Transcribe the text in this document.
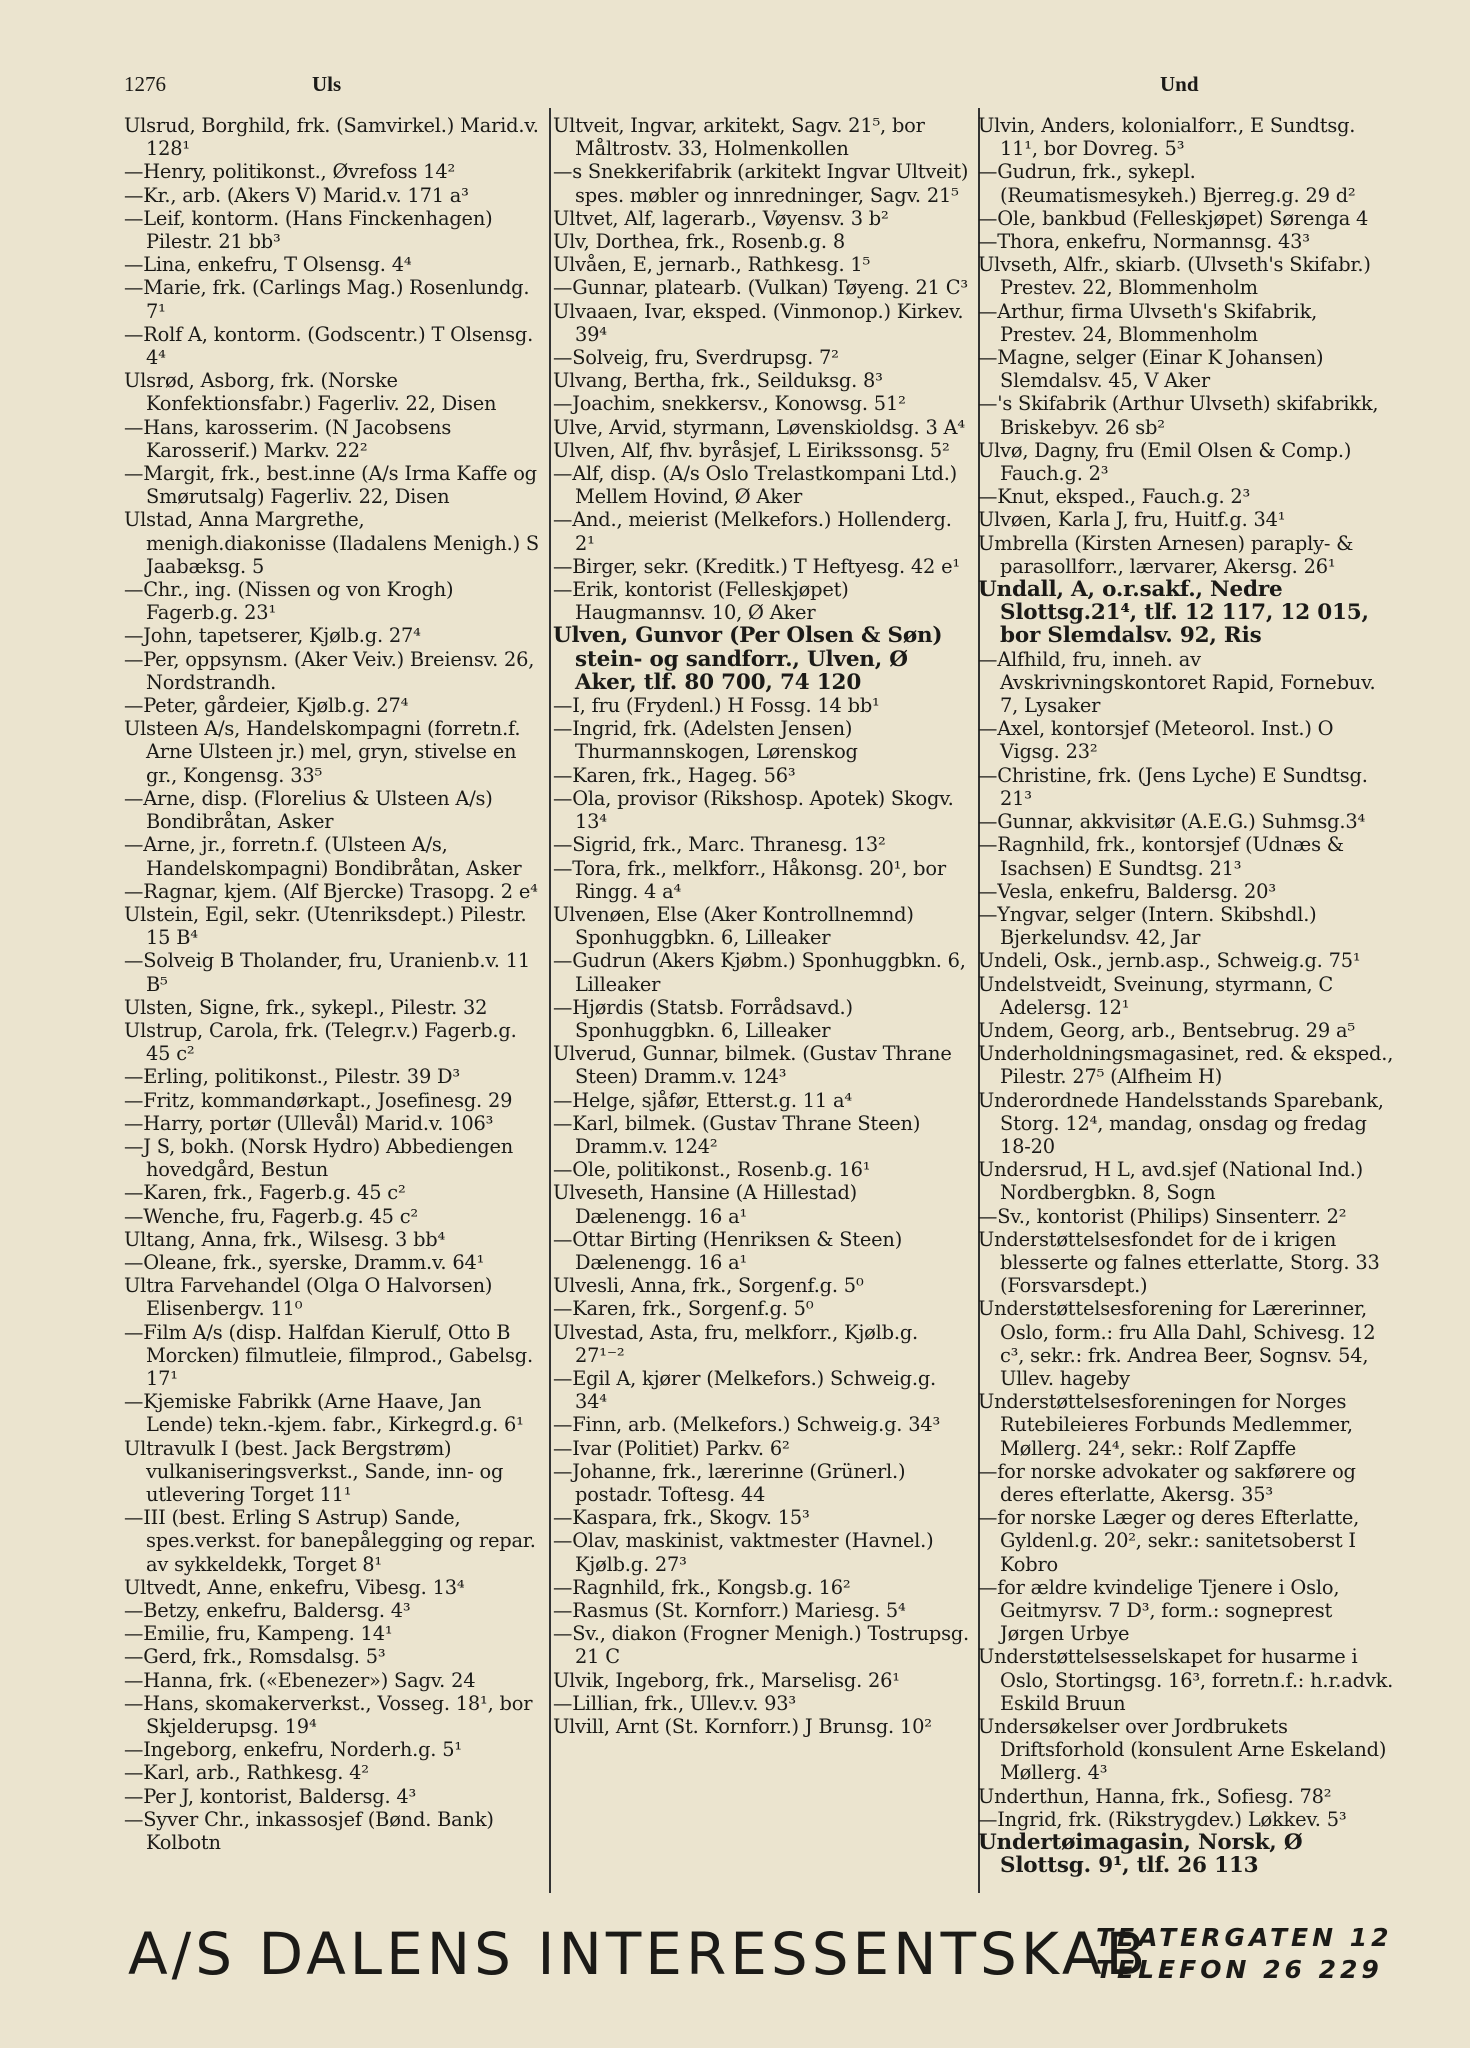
1276	Uls	Und

Ulsrud, Borghild, frk. (Samvirkel.) Marid.v. 128¹

—Henry, politikonst., Øvrefoss 14²

—Kr., arb. (Akers V) Marid.v. 171 a³

—Leif, kontorm. (Hans Finckenhagen) Pilestr. 21 bb³

—Lina, enkefru, T Olsensg. 4⁴

—Marie, frk. (Carlings Mag.) Rosenlundg. 7¹

—Rolf A, kontorm. (Godscentr.) T Olsensg. 4⁴

Ulsrød, Asborg, frk. (Norske Konfektionsfabr.) Fagerliv. 22, Disen

—Hans, karosserim. (N Jacobsens Karosserif.) Markv. 22²

—Margit, frk., best.inne (A/s Irma Kaffe og Smørutsalg) Fagerliv. 22, Disen

Ulstad, Anna Margrethe, menigh.diakonisse (Iladalens Menigh.) S Jaabæksg. 5

—Chr., ing. (Nissen og von Krogh) Fagerb.g. 23¹

—John, tapetserer, Kjølb.g. 27⁴

—Per, oppsynsm. (Aker Veiv.) Breiensv. 26, Nordstrandh.

—Peter, gårdeier, Kjølb.g. 27⁴

Ulsteen A/s, Handelskompagni (forretn.f. Arne Ulsteen jr.) mel, gryn, stivelse en gr., Kongensg. 33⁵

—Arne, disp. (Florelius & Ulsteen A/s) Bondibråtan, Asker

—Arne, jr., forretn.f. (Ulsteen A/s, Handelskompagni) Bondibråtan, Asker

—Ragnar, kjem. (Alf Bjercke) Trasopg. 2 e⁴

Ulstein, Egil, sekr. (Utenriksdept.) Pilestr. 15 B⁴

—Solveig B Tholander, fru, Uranienb.v. 11 B⁵

Ulsten, Signe, frk., sykepl., Pilestr. 32

Ulstrup, Carola, frk. (Telegr.v.) Fagerb.g. 45 c²

—Erling, politikonst., Pilestr. 39 D³

—Fritz, kommandørkapt., Josefinesg. 29

—Harry, portør (Ullevål) Marid.v. 106³

—J S, bokh. (Norsk Hydro) Abbediengen hovedgård, Bestun

—Karen, frk., Fagerb.g. 45 c²

—Wenche, fru, Fagerb.g. 45 c²

Ultang, Anna, frk., Wilsesg. 3 bb⁴

—Oleane, frk., syerske, Dramm.v. 64¹

Ultra Farvehandel (Olga O Halvorsen) Elisenbergv. 11⁰

—Film A/s (disp. Halfdan Kierulf, Otto B Morcken) filmutleie, filmprod., Gabelsg. 17¹

—Kjemiske Fabrikk (Arne Haave, Jan Lende) tekn.-kjem. fabr., Kirkegrd.g. 6¹

Ultravulk I (best. Jack Bergstrøm) vulkaniseringsverkst., Sande, inn- og utlevering Torget 11¹

—III (best. Erling S Astrup) Sande, spes.verkst. for banepålegging og repar. av sykkeldekk, Torget 8¹

Ultvedt, Anne, enkefru, Vibesg. 13⁴

—Betzy, enkefru, Baldersg. 4³

—Emilie, fru, Kampeng. 14¹

—Gerd, frk., Romsdalsg. 5³

—Hanna, frk. («Ebenezer») Sagv. 24

—Hans, skomakerverkst., Vosseg. 18¹, bor Skjelderupsg. 19⁴

—Ingeborg, enkefru, Norderh.g. 5¹

—Karl, arb., Rathkesg. 4²

—Per J, kontorist, Baldersg. 4³

—Syver Chr., inkassosjef (Bønd. Bank) Kolbotn

Ultveit, Ingvar, arkitekt, Sagv. 21⁵, bor Måltrostv. 33, Holmenkollen

—s Snekkerifabrik (arkitekt Ingvar Ultveit) spes. møbler og innredninger, Sagv. 21⁵

Ultvet, Alf, lagerarb., Vøyensv. 3 b²

Ulv, Dorthea, frk., Rosenb.g. 8

Ulvåen, E, jernarb., Rathkesg. 1⁵

—Gunnar, platearb. (Vulkan) Tøyeng. 21 C³

Ulvaaen, Ivar, eksped. (Vinmonop.) Kirkev. 39⁴

—Solveig, fru, Sverdrupsg. 7²

Ulvang, Bertha, frk., Seilduksg. 8³

—Joachim, snekkersv., Konowsg. 51²

Ulve, Arvid, styrmann, Løvenskioldsg. 3 A⁴

Ulven, Alf, fhv. byråsjef, L Eirikssonsg. 5²

—Alf, disp. (A/s Oslo Trelastkompani Ltd.) Mellem Hovind, Ø Aker

—And., meierist (Melkefors.) Hollenderg. 2¹

—Birger, sekr. (Kreditk.) T Heftyesg. 42 e¹

—Erik, kontorist (Felleskjøpet) Haugmannsv. 10, Ø Aker

Ulven, Gunvor (Per Olsen & Søn) stein- og sandforr., Ulven, Ø Aker, tlf. 80 700, 74 120

—I, fru (Frydenl.) H Fossg. 14 bb¹

—Ingrid, frk. (Adelsten Jensen) Thurmannskogen, Lørenskog

—Karen, frk., Hageg. 56³

—Ola, provisor (Rikshosp. Apotek) Skogv. 13⁴

—Sigrid, frk., Marc. Thranesg. 13²

—Tora, frk., melkforr., Håkonsg. 20¹, bor Ringg. 4 a⁴

Ulvenøen, Else (Aker Kontrollnemnd) Sponhuggbkn. 6, Lilleaker

—Gudrun (Akers Kjøbm.) Sponhuggbkn. 6, Lilleaker

—Hjørdis (Statsb. Forrådsavd.) Sponhuggbkn. 6, Lilleaker

Ulverud, Gunnar, bilmek. (Gustav Thrane Steen) Dramm.v. 124³

—Helge, sjåfør, Etterst.g. 11 a⁴

—Karl, bilmek. (Gustav Thrane Steen) Dramm.v. 124²

—Ole, politikonst., Rosenb.g. 16¹

Ulveseth, Hansine (A Hillestad) Dælenengg. 16 a¹

—Ottar Birting (Henriksen & Steen) Dælenengg. 16 a¹

Ulvesli, Anna, frk., Sorgenf.g. 5⁰

—Karen, frk., Sorgenf.g. 5⁰

Ulvestad, Asta, fru, melkforr., Kjølb.g. 27¹⁻²

—Egil A, kjører (Melkefors.) Schweig.g. 34⁴

—Finn, arb. (Melkefors.) Schweig.g. 34³

—Ivar (Politiet) Parkv. 6²

—Johanne, frk., lærerinne (Grünerl.) postadr. Toftesg. 44

—Kaspara, frk., Skogv. 15³

—Olav, maskinist, vaktmester (Havnel.) Kjølb.g. 27³

—Ragnhild, frk., Kongsb.g. 16²

—Rasmus (St. Kornforr.) Mariesg. 5⁴

—Sv., diakon (Frogner Menigh.) Tostrupsg. 21 C

Ulvik, Ingeborg, frk., Marselisg. 26¹

—Lillian, frk., Ullev.v. 93³

Ulvill, Arnt (St. Kornforr.) J Brunsg. 10²

Ulvin, Anders, kolonialforr., E Sundtsg. 11¹, bor Dovreg. 5³

—Gudrun, frk., sykepl. (Reumatismesykeh.) Bjerreg.g. 29 d²

—Ole, bankbud (Felleskjøpet) Sørenga 4

—Thora, enkefru, Normannsg. 43³

Ulvseth, Alfr., skiarb. (Ulvseth's Skifabr.) Prestev. 22, Blommenholm

—Arthur, firma Ulvseth's Skifabrik, Prestev. 24, Blommenholm

—Magne, selger (Einar K Johansen) Slemdalsv. 45, V Aker

—'s Skifabrik (Arthur Ulvseth) skifabrikk, Briskebyv. 26 sb²

Ulvø, Dagny, fru (Emil Olsen & Comp.) Fauch.g. 2³

—Knut, eksped., Fauch.g. 2³

Ulvøen, Karla J, fru, Huitf.g. 34¹

Umbrella (Kirsten Arnesen) paraply- & parasollforr., lærvarer, Akersg. 26¹

Undall, A, o.r.sakf., Nedre Slottsg.21⁴, tlf. 12 117, 12 015, bor Slemdalsv. 92, Ris

—Alfhild, fru, inneh. av Avskrivningskontoret Rapid, Fornebuv. 7, Lysaker

—Axel, kontorsjef (Meteorol. Inst.) O Vigsg. 23²

—Christine, frk. (Jens Lyche) E Sundtsg. 21³

—Gunnar, akkvisitør (A.E.G.) Suhmsg.3⁴

—Ragnhild, frk., kontorsjef (Udnæs & Isachsen) E Sundtsg. 21³

—Vesla, enkefru, Baldersg. 20³

—Yngvar, selger (Intern. Skibshdl.) Bjerkelundsv. 42, Jar

Undeli, Osk., jernb.asp., Schweig.g. 75¹

Undelstveidt, Sveinung, styrmann, C Adelersg. 12¹

Undem, Georg, arb., Bentsebrug. 29 a⁵

Underholdningsmagasinet, red. & eksped., Pilestr. 27⁵ (Alfheim H)

Underordnede Handelsstands Sparebank, Storg. 12⁴, mandag, onsdag og fredag 18-20

Undersrud, H L, avd.sjef (National Ind.) Nordbergbkn. 8, Sogn

—Sv., kontorist (Philips) Sinsenterr. 2²

Understøttelsesfondet for de i krigen blesserte og falnes etterlatte, Storg. 33 (Forsvarsdept.)

Understøttelsesforening for Lærerinner, Oslo, form.: fru Alla Dahl, Schivesg. 12 c³, sekr.: frk. Andrea Beer, Sognsv. 54, Ullev. hageby

Understøttelsesforeningen for Norges Rutebileieres Forbunds Medlemmer, Møllerg. 24⁴, sekr.: Rolf Zapffe

—for norske advokater og sakførere og deres efterlatte, Akersg. 35³

—for norske Læger og deres Efterlatte, Gyldenl.g. 20², sekr.: sanitetsoberst I Kobro

—for ældre kvindelige Tjenere i Oslo, Geitmyrsv. 7 D³, form.: sogneprest Jørgen Urbye

Understøttelsesselskapet for husarme i Oslo, Stortingsg. 16³, forretn.f.: h.r.advk. Eskild Bruun

Undersøkelser over Jordbrukets Driftsforhold (konsulent Arne Eskeland) Møllerg. 4³

Underthun, Hanna, frk., Sofiesg. 78²

—Ingrid, frk. (Rikstrygdev.) Løkkev. 5³

Undertøimagasin, Norsk, Ø Slottsg. 9¹, tlf. 26 113

A/S DALENS INTERESSENTSKAB
TEATERGATEN 12
TELEFON 26 229
